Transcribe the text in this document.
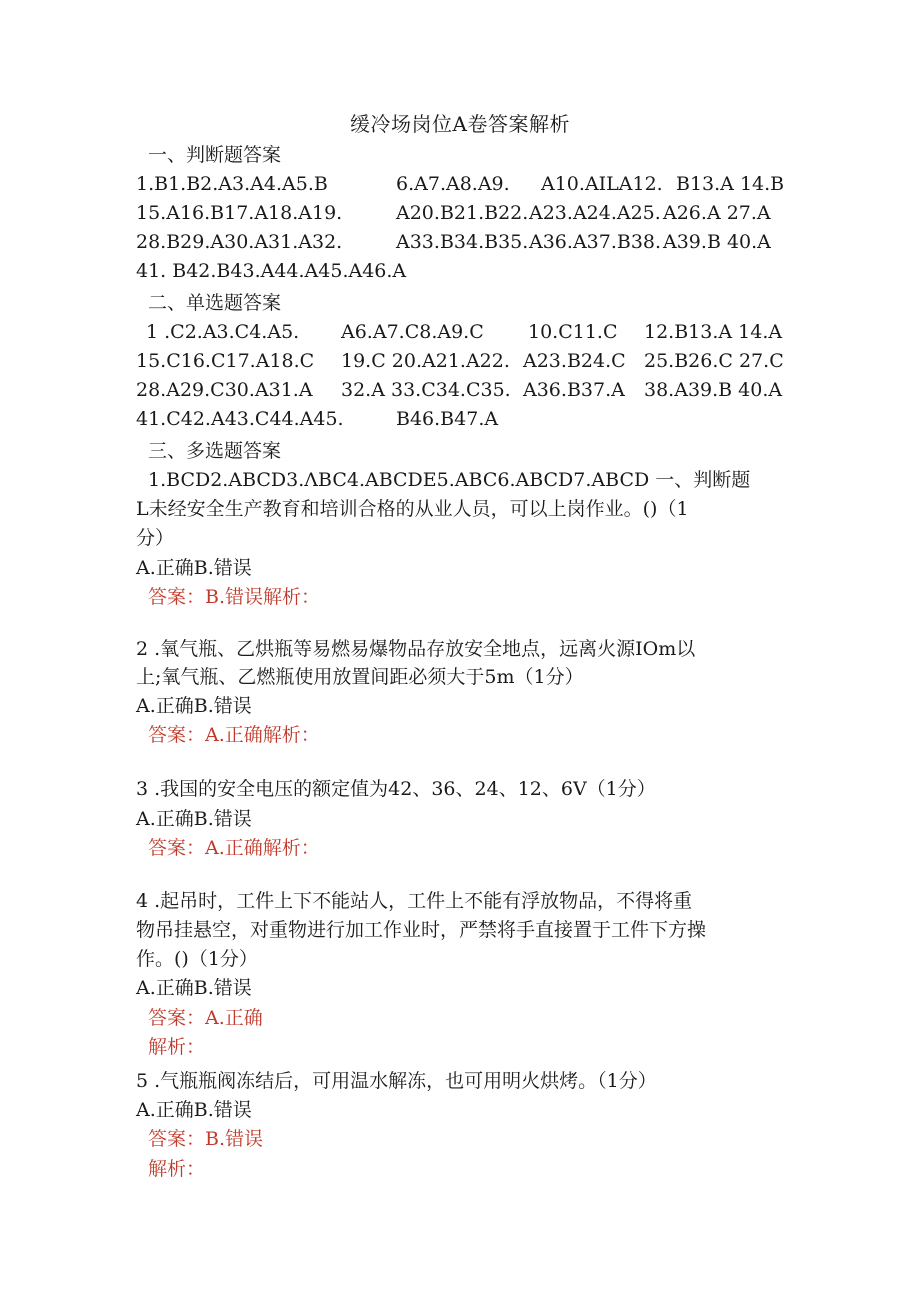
缓冷场岗位A卷答案解析
一、判断题答案
1.B1.B2.A3.A4.A5.B	6.A7.A8.A9. A10.AILA12. B13.A 14.B
15.A16.B17.A18.A19.	A20.B21.B22. A23.A24.A25. A26.A 27.A
28.B29.A30.A31.A32.	A33.B34.B35. A36.A37.B38. A39.B 40.A
41. B42.B43.A44.A45.A46.A
二、单选题答案
1 .C2.A3.C4.A5. A6.A7.C8.A9.C 10.C11.C 12.B13.A 14.A
15.C16.C17.A18.C 19.C 20.A21.A22. A23.B24.C 25.B26.C 27.C
28.A29.C30.A31.A 32.A 33.C34.C35. A36.B37.A 38.A39.B 40.A
41.C42.A43.C44.A45.	B46.B47.A
三、多选题答案
1.BCD2.ABCD3.ΛBC4.ABCDE5.ABC6.ABCD7.ABCD 一、判断题
L未经安全生产教育和培训合格的从业人员，可以上岗作业。()（1
分）
A.正确B.错误
答案：B.错误解析：
2 .氧气瓶、乙烘瓶等易燃易爆物品存放安全地点，远离火源IOm以
上;氧气瓶、乙燃瓶使用放置间距必须大于5m（1分）
A.正确B.错误
答案：A.正确解析：
3 .我国的安全电压的额定值为42、36、24、12、6V（1分）
A.正确B.错误
答案：A.正确解析：
4 .起吊时，工件上下不能站人，工件上不能有浮放物品，不得将重
物吊挂悬空，对重物进行加工作业时，严禁将手直接置于工件下方操
作。()（1分）
A.正确B.错误
答案：A.正确
解析：
5 .气瓶瓶阀冻结后，可用温水解冻，也可用明火烘烤。（1分）
A.正确B.错误
答案：B.错误
解析：
